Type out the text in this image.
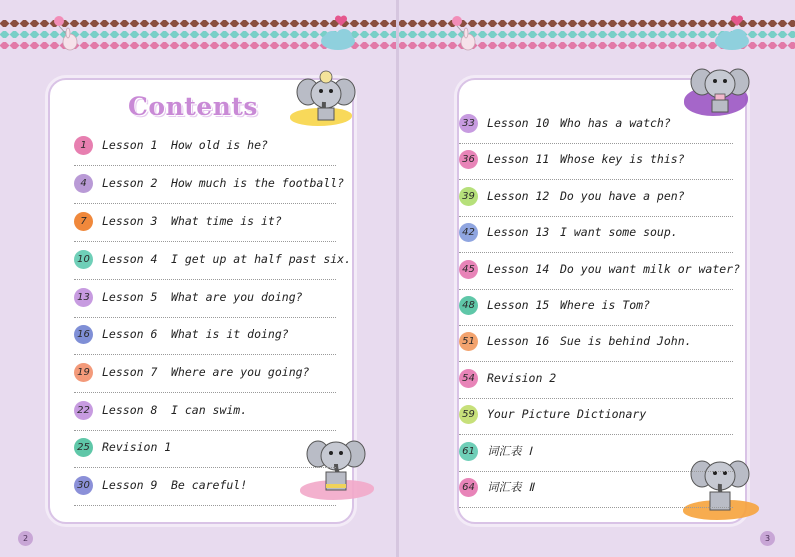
Contents
1	Lesson 1 How old is he?
4	Lesson 2 How much is the football?
7	Lesson 3 What time is it?
10 Lesson 4 I get up at half past six.
13 Lesson 5 What are you doing?
16 Lesson 6 What is it doing?
19 Lesson 7 Where are you going?
22 Lesson 8 I can swim.
25 Revision 1
30 Lesson 9 Be careful!
33 Lesson 10 Who has a watch?
36 Lesson 11 Whose key is this?
39 Lesson 12 Do you have a pen?
42 Lesson 13 I want some soup.
45 Lesson 14 Do you want milk or water?
48 Lesson 15 Where is Tom?
51 Lesson 16 Sue is behind John.
54 Revision 2
59 Your Picture Dictionary
61 词汇表 Ⅰ
64 词汇表 Ⅱ
2	3
